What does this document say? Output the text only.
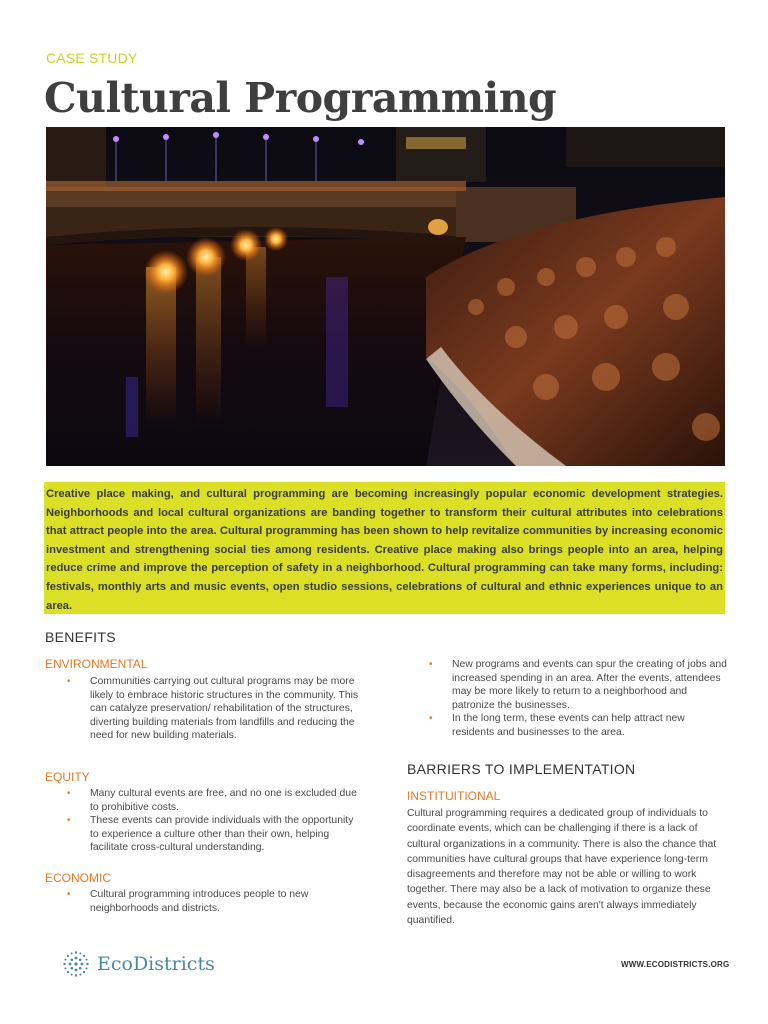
CASE STUDY
Cultural Programming

Creative place making, and cultural programming are becoming increasingly popular economic development strategies. Neighborhoods and local cultural organizations are banding together to transform their cultural attributes into celebrations that attract people into the area. Cultural programming has been shown to help revitalize communities by increasing economic investment and strengthening social ties among residents. Creative place making also brings people into an area, helping reduce crime and improve the perception of safety in a neighborhood. Cultural programming can take many forms, including: festivals, monthly arts and music events, open studio sessions, celebrations of cultural and ethnic experiences unique to an area.

BENEFITS
ENVIRONMENTAL
• Communities carrying out cultural programs may be more likely to embrace historic structures in the community. This can catalyze preservation/ rehabilitation of the structures, diverting building materials from landfills and reducing the need for new building materials.
EQUITY
• Many cultural events are free, and no one is excluded due to prohibitive costs.
• These events can provide individuals with the opportunity to experience a culture other than their own, helping facilitate cross-cultural understanding.
ECONOMIC
• Cultural programming introduces people to new neighborhoods and districts.
• New programs and events can spur the creating of jobs and increased spending in an area. After the events, attendees may be more likely to return to a neighborhood and patronize the businesses.
• In the long term, these events can help attract new residents and businesses to the area.
BARRIERS TO IMPLEMENTATION
INSTITUITIONAL

Cultural programming requires a dedicated group of individuals to coordinate events, which can be challenging if there is a lack of cultural organizations in a community. There is also the chance that communities have cultural groups that have experience long-term disagreements and therefore may not be able or willing to work together. There may also be a lack of motivation to organize these events, because the economic gains aren't always immediately quantified.

EcoDistricts	WWW.ECODISTRICTS.ORG
